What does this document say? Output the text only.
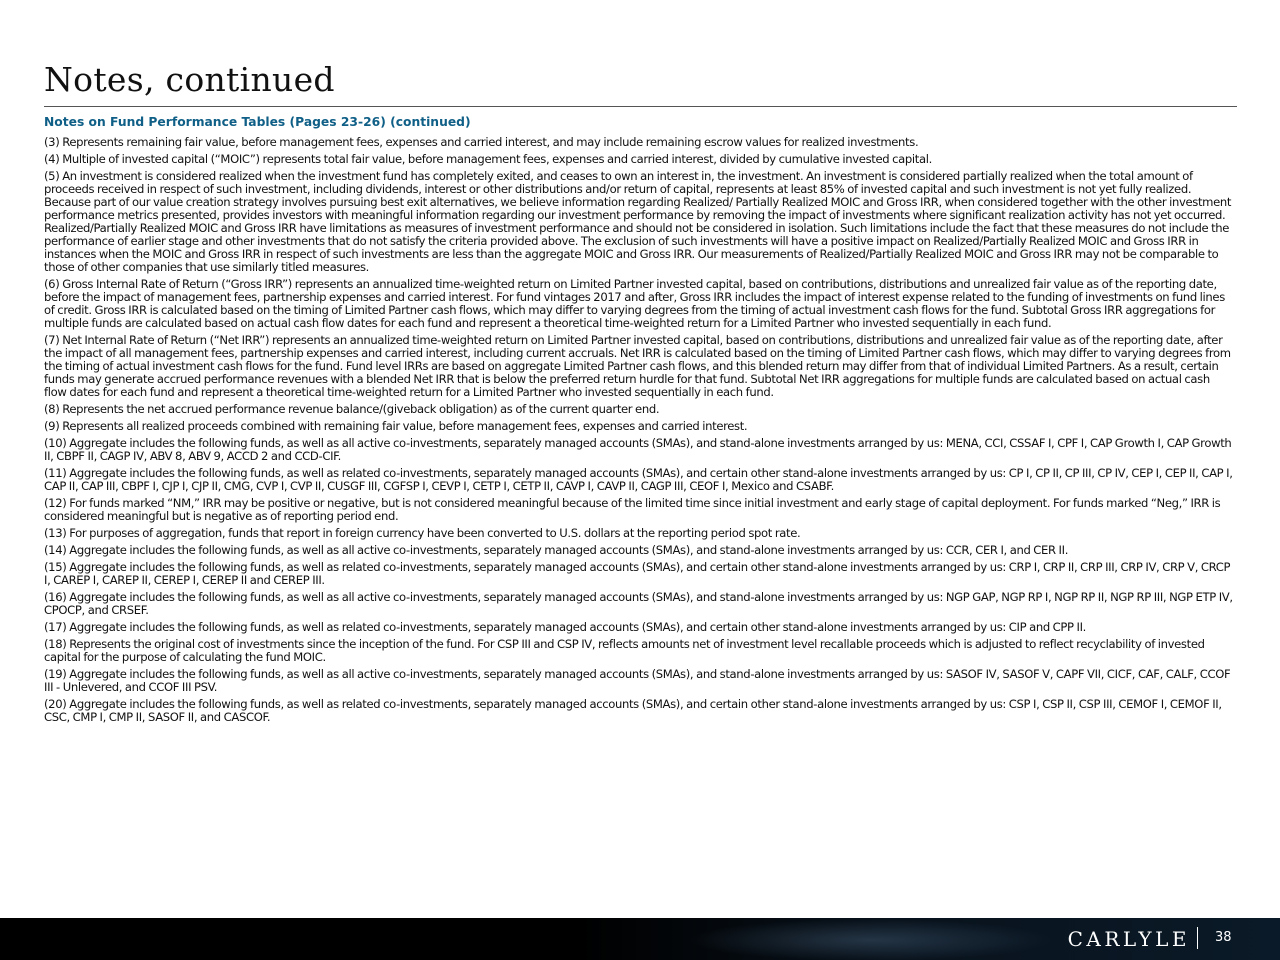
Notes, continued
Notes on Fund Performance Tables (Pages 23-26) (continued)

(3) Represents remaining fair value, before management fees, expenses and carried interest, and may include remaining escrow values for realized investments.

(4) Multiple of invested capital (“MOIC”) represents total fair value, before management fees, expenses and carried interest, divided by cumulative invested capital.

(5) An investment is considered realized when the investment fund has completely exited, and ceases to own an interest in, the investment. An investment is considered partially realized when the total amount of proceeds received in respect of such investment, including dividends, interest or other distributions and/or return of capital, represents at least 85% of invested capital and such investment is not yet fully realized. Because part of our value creation strategy involves pursuing best exit alternatives, we believe information regarding Realized/ Partially Realized MOIC and Gross IRR, when considered together with the other investment performance metrics presented, provides investors with meaningful information regarding our investment performance by removing the impact of investments where significant realization activity has not yet occurred. Realized/Partially Realized MOIC and Gross IRR have limitations as measures of investment performance and should not be considered in isolation. Such limitations include the fact that these measures do not include the performance of earlier stage and other investments that do not satisfy the criteria provided above. The exclusion of such investments will have a positive impact on Realized/Partially Realized MOIC and Gross IRR in instances when the MOIC and Gross IRR in respect of such investments are less than the aggregate MOIC and Gross IRR. Our measurements of Realized/Partially Realized MOIC and Gross IRR may not be comparable to those of other companies that use similarly titled measures.

(6) Gross Internal Rate of Return (“Gross IRR”) represents an annualized time-weighted return on Limited Partner invested capital, based on contributions, distributions and unrealized fair value as of the reporting date, before the impact of management fees, partnership expenses and carried interest. For fund vintages 2017 and after, Gross IRR includes the impact of interest expense related to the funding of investments on fund lines of credit. Gross IRR is calculated based on the timing of Limited Partner cash flows, which may differ to varying degrees from the timing of actual investment cash flows for the fund. Subtotal Gross IRR aggregations for multiple funds are calculated based on actual cash flow dates for each fund and represent a theoretical time-weighted return for a Limited Partner who invested sequentially in each fund.

(7) Net Internal Rate of Return (“Net IRR”) represents an annualized time-weighted return on Limited Partner invested capital, based on contributions, distributions and unrealized fair value as of the reporting date, after the impact of all management fees, partnership expenses and carried interest, including current accruals. Net IRR is calculated based on the timing of Limited Partner cash flows, which may differ to varying degrees from the timing of actual investment cash flows for the fund. Fund level IRRs are based on aggregate Limited Partner cash flows, and this blended return may differ from that of individual Limited Partners. As a result, certain funds may generate accrued performance revenues with a blended Net IRR that is below the preferred return hurdle for that fund. Subtotal Net IRR aggregations for multiple funds are calculated based on actual cash flow dates for each fund and represent a theoretical time-weighted return for a Limited Partner who invested sequentially in each fund.

(8) Represents the net accrued performance revenue balance/(giveback obligation) as of the current quarter end.

(9) Represents all realized proceeds combined with remaining fair value, before management fees, expenses and carried interest.

(10) Aggregate includes the following funds, as well as all active co-investments, separately managed accounts (SMAs), and stand-alone investments arranged by us: MENA, CCI, CSSAF I, CPF I, CAP Growth I, CAP Growth II, CBPF II, CAGP IV, ABV 8, ABV 9, ACCD 2 and CCD-CIF.

(11) Aggregate includes the following funds, as well as related co-investments, separately managed accounts (SMAs), and certain other stand-alone investments arranged by us: CP I, CP II, CP III, CP IV, CEP I, CEP II, CAP I, CAP II, CAP III, CBPF I, CJP I, CJP II, CMG, CVP I, CVP II, CUSGF III, CGFSP I, CEVP I, CETP I, CETP II, CAVP I, CAVP II, CAGP III, CEOF I, Mexico and CSABF.

(12) For funds marked “NM,” IRR may be positive or negative, but is not considered meaningful because of the limited time since initial investment and early stage of capital deployment. For funds marked “Neg,” IRR is considered meaningful but is negative as of reporting period end.

(13) For purposes of aggregation, funds that report in foreign currency have been converted to U.S. dollars at the reporting period spot rate.

(14) Aggregate includes the following funds, as well as all active co-investments, separately managed accounts (SMAs), and stand-alone investments arranged by us: CCR, CER I, and CER II.

(15) Aggregate includes the following funds, as well as related co-investments, separately managed accounts (SMAs), and certain other stand-alone investments arranged by us: CRP I, CRP II, CRP III, CRP IV, CRP V, CRCP I, CAREP I, CAREP II, CEREP I, CEREP II and CEREP III.

(16) Aggregate includes the following funds, as well as all active co-investments, separately managed accounts (SMAs), and stand-alone investments arranged by us: NGP GAP, NGP RP I, NGP RP II, NGP RP III, NGP ETP IV, CPOCP, and CRSEF.

(17) Aggregate includes the following funds, as well as related co-investments, separately managed accounts (SMAs), and certain other stand-alone investments arranged by us: CIP and CPP II.

(18) Represents the original cost of investments since the inception of the fund. For CSP III and CSP IV, reflects amounts net of investment level recallable proceeds which is adjusted to reflect recyclability of invested capital for the purpose of calculating the fund MOIC.

(19) Aggregate includes the following funds, as well as all active co-investments, separately managed accounts (SMAs), and stand-alone investments arranged by us: SASOF IV, SASOF V, CAPF VII, CICF, CAF, CALF, CCOF III - Unlevered, and CCOF III PSV.

(20) Aggregate includes the following funds, as well as related co-investments, separately managed accounts (SMAs), and certain other stand-alone investments arranged by us: CSP I, CSP II, CSP III, CEMOF I, CEMOF II, CSC, CMP I, CMP II, SASOF II, and CASCOF.

CARLYLE 38
